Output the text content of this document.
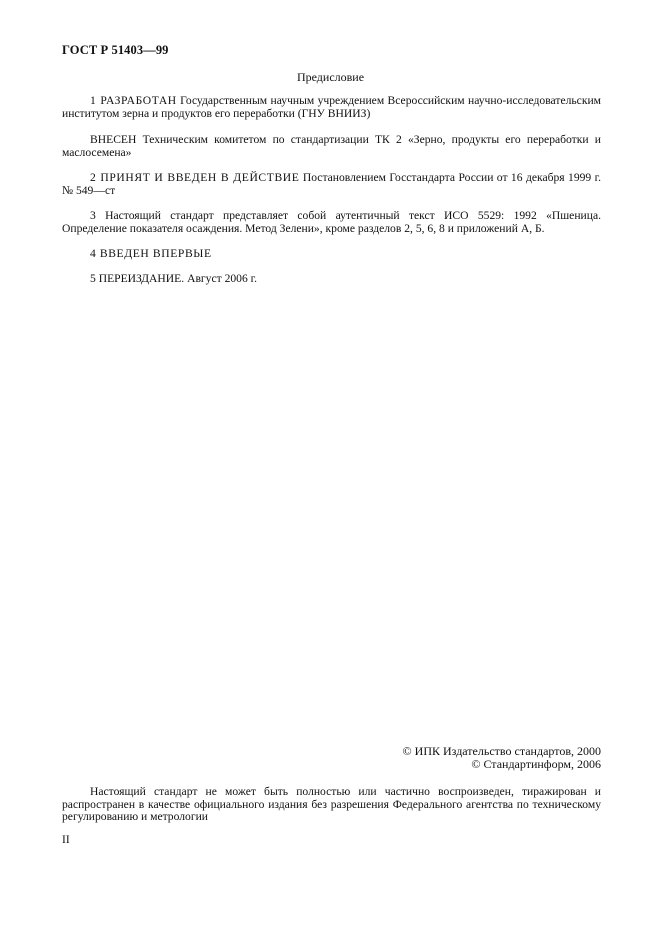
ГОСТ Р 51403—99
Предисловие

1 РАЗРАБОТАН Государственным научным учреждением Всероссийским научно-исследовательским институтом зерна и продуктов его переработки (ГНУ ВНИИЗ)

ВНЕСЕН Техническим комитетом по стандартизации ТК 2 «Зерно, продукты его переработки и маслосемена»

2 ПРИНЯТ И ВВЕДЕН В ДЕЙСТВИЕ Постановлением Госстандарта России от 16 декабря 1999 г. № 549—ст

3 Настоящий стандарт представляет собой аутентичный текст ИСО 5529: 1992 «Пшеница. Определение показателя осаждения. Метод Зелени», кроме разделов 2, 5, 6, 8 и приложений А, Б.

4 ВВЕДЕН ВПЕРВЫЕ

5 ПЕРЕИЗДАНИЕ. Август 2006 г.

© ИПК Издательство стандартов, 2000
© Стандартинформ, 2006

Настоящий стандарт не может быть полностью или частично воспроизведен, тиражирован и распространен в качестве официального издания без разрешения Федерального агентства по техническому регулированию и метрологии

II
